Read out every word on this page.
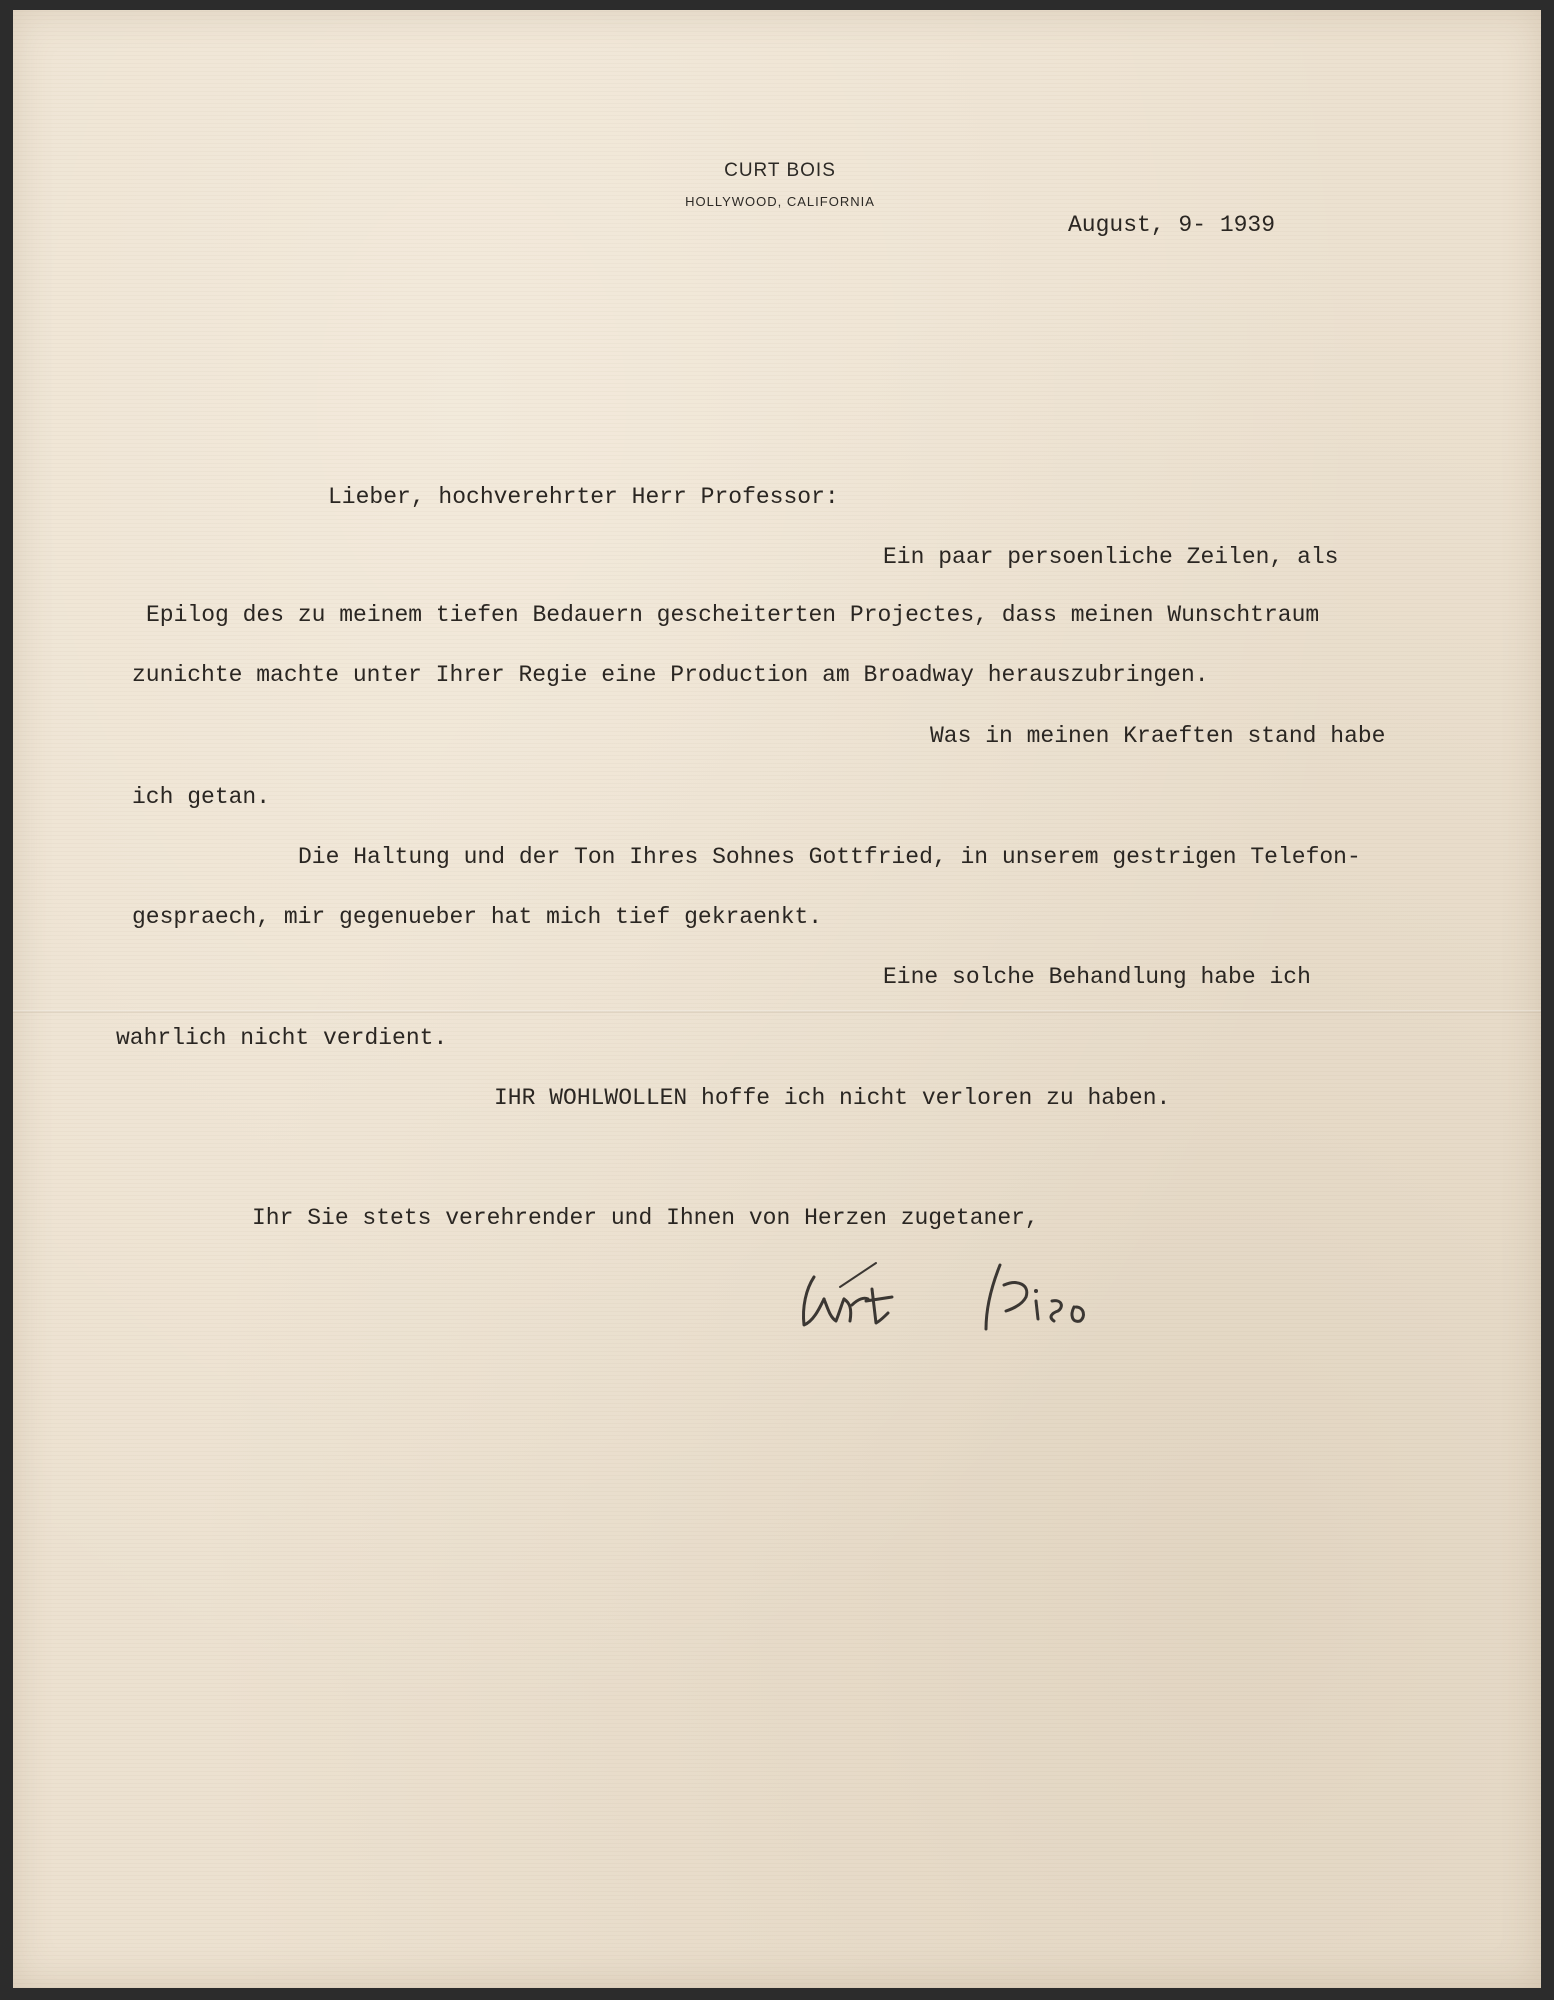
CURT BOIS
HOLLYWOOD, CALIFORNIA
August, 9- 1939
Lieber, hochverehrter Herr Professor:
Ein paar persoenliche Zeilen, als
Epilog des zu meinem tiefen Bedauern gescheiterten Projectes, dass meinen Wunschtraum
zunichte machte unter Ihrer Regie eine Production am Broadway herauszubringen.
Was in meinen Kraeften stand habe
ich getan.
Die Haltung und der Ton Ihres Sohnes Gottfried, in unserem gestrigen Telefon-
gespraech, mir gegenueber hat mich tief gekraenkt.
Eine solche Behandlung habe ich
wahrlich nicht verdient.
IHR WOHLWOLLEN hoffe ich nicht verloren zu haben.
Ihr Sie stets verehrender und Ihnen von Herzen zugetaner,
